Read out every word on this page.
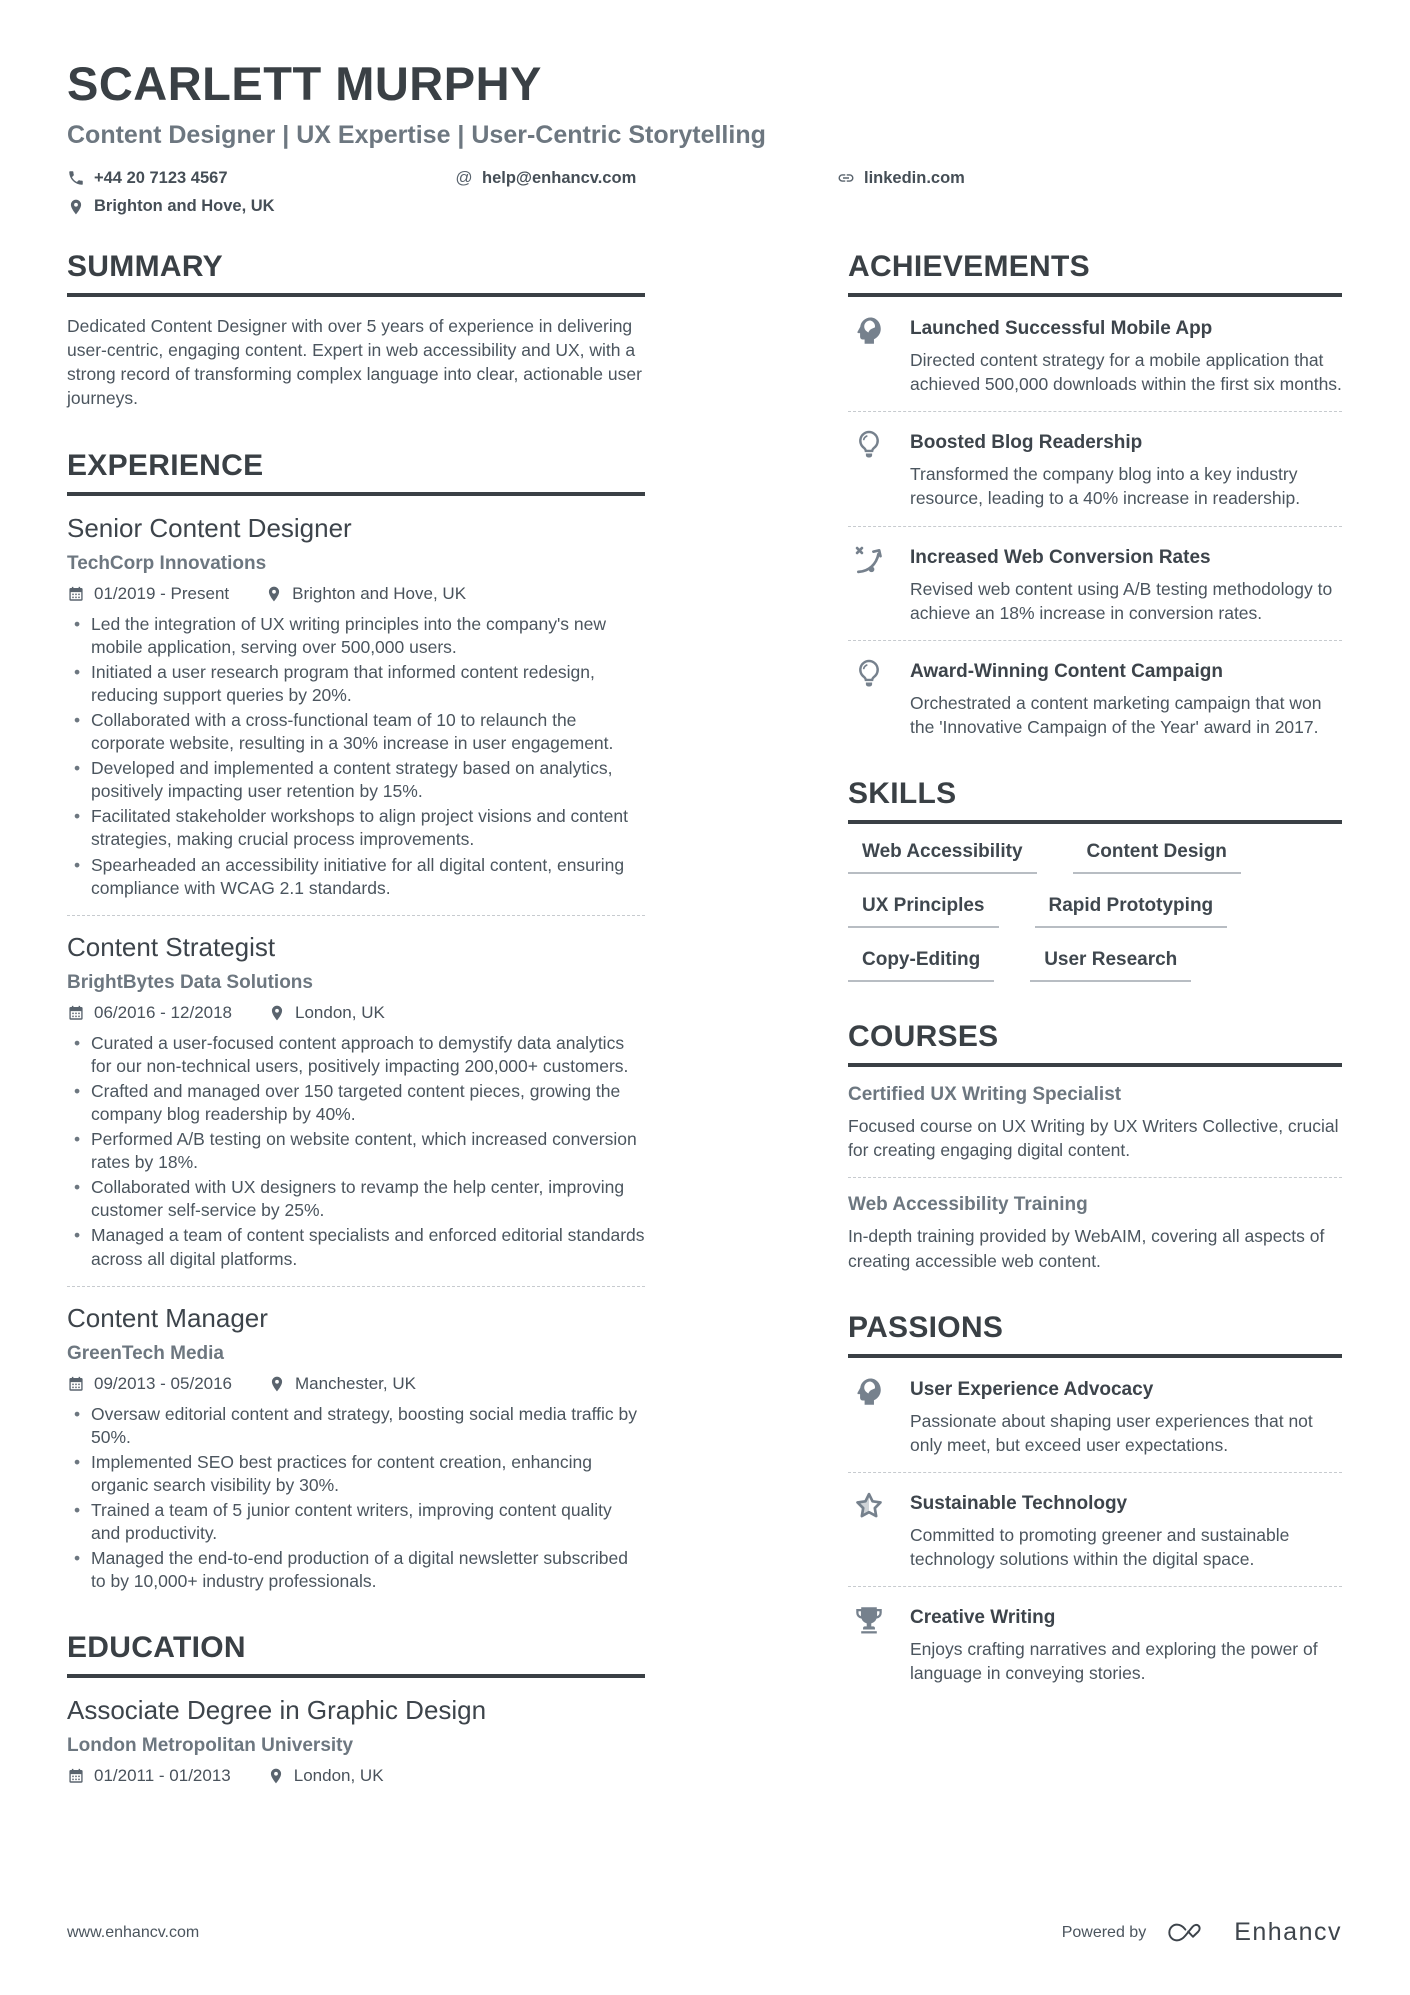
SCARLETT MURPHY
Content Designer | UX Expertise | User-Centric Storytelling
+44 20 7123 4567	@ help@enhancv.com	linkedin.com
Brighton and Hove, UK
SUMMARY

Dedicated Content Designer with over 5 years of experience in delivering user-centric, engaging content. Expert in web accessibility and UX, with a strong record of transforming complex language into clear, actionable user journeys.

EXPERIENCE
Senior Content Designer
TechCorp Innovations
01/2019 - Present	Brighton and Hove, UK
• Led the integration of UX writing principles into the company's new mobile application, serving over 500,000 users.
• Initiated a user research program that informed content redesign, reducing support queries by 20%.
• Collaborated with a cross-functional team of 10 to relaunch the corporate website, resulting in a 30% increase in user engagement.
• Developed and implemented a content strategy based on analytics, positively impacting user retention by 15%.
• Facilitated stakeholder workshops to align project visions and content strategies, making crucial process improvements.
• Spearheaded an accessibility initiative for all digital content, ensuring compliance with WCAG 2.1 standards.
Content Strategist
BrightBytes Data Solutions
06/2016 - 12/2018	London, UK
• Curated a user-focused content approach to demystify data analytics for our non-technical users, positively impacting 200,000+ customers.
• Crafted and managed over 150 targeted content pieces, growing the company blog readership by 40%.
• Performed A/B testing on website content, which increased conversion rates by 18%.
• Collaborated with UX designers to revamp the help center, improving customer self-service by 25%.
• Managed a team of content specialists and enforced editorial standards across all digital platforms.
Content Manager
GreenTech Media
09/2013 - 05/2016	Manchester, UK
• Oversaw editorial content and strategy, boosting social media traffic by 50%.
• Implemented SEO best practices for content creation, enhancing organic search visibility by 30%.
• Trained a team of 5 junior content writers, improving content quality and productivity.
• Managed the end-to-end production of a digital newsletter subscribed to by 10,000+ industry professionals.
EDUCATION
Associate Degree in Graphic Design
London Metropolitan University
01/2011 - 01/2013	London, UK
ACHIEVEMENTS
Launched Successful Mobile App

Directed content strategy for a mobile application that achieved 500,000 downloads within the first six months.

Boosted Blog Readership

Transformed the company blog into a key industry resource, leading to a 40% increase in readership.

Increased Web Conversion Rates

Revised web content using A/B testing methodology to achieve an 18% increase in conversion rates.

Award-Winning Content Campaign

Orchestrated a content marketing campaign that won the 'Innovative Campaign of the Year' award in 2017.

SKILLS
Web Accessibility	Content Design
UX Principles	Rapid Prototyping
Copy-Editing	User Research
COURSES
Certified UX Writing Specialist

Focused course on UX Writing by UX Writers Collective, crucial for creating engaging digital content.

Web Accessibility Training

In-depth training provided by WebAIM, covering all aspects of creating accessible web content.

PASSIONS
User Experience Advocacy

Passionate about shaping user experiences that not only meet, but exceed user expectations.

Sustainable Technology

Committed to promoting greener and sustainable technology solutions within the digital space.

Creative Writing

Enjoys crafting narratives and exploring the power of language in conveying stories.

www.enhancv.com	Powered by	Enhancv
